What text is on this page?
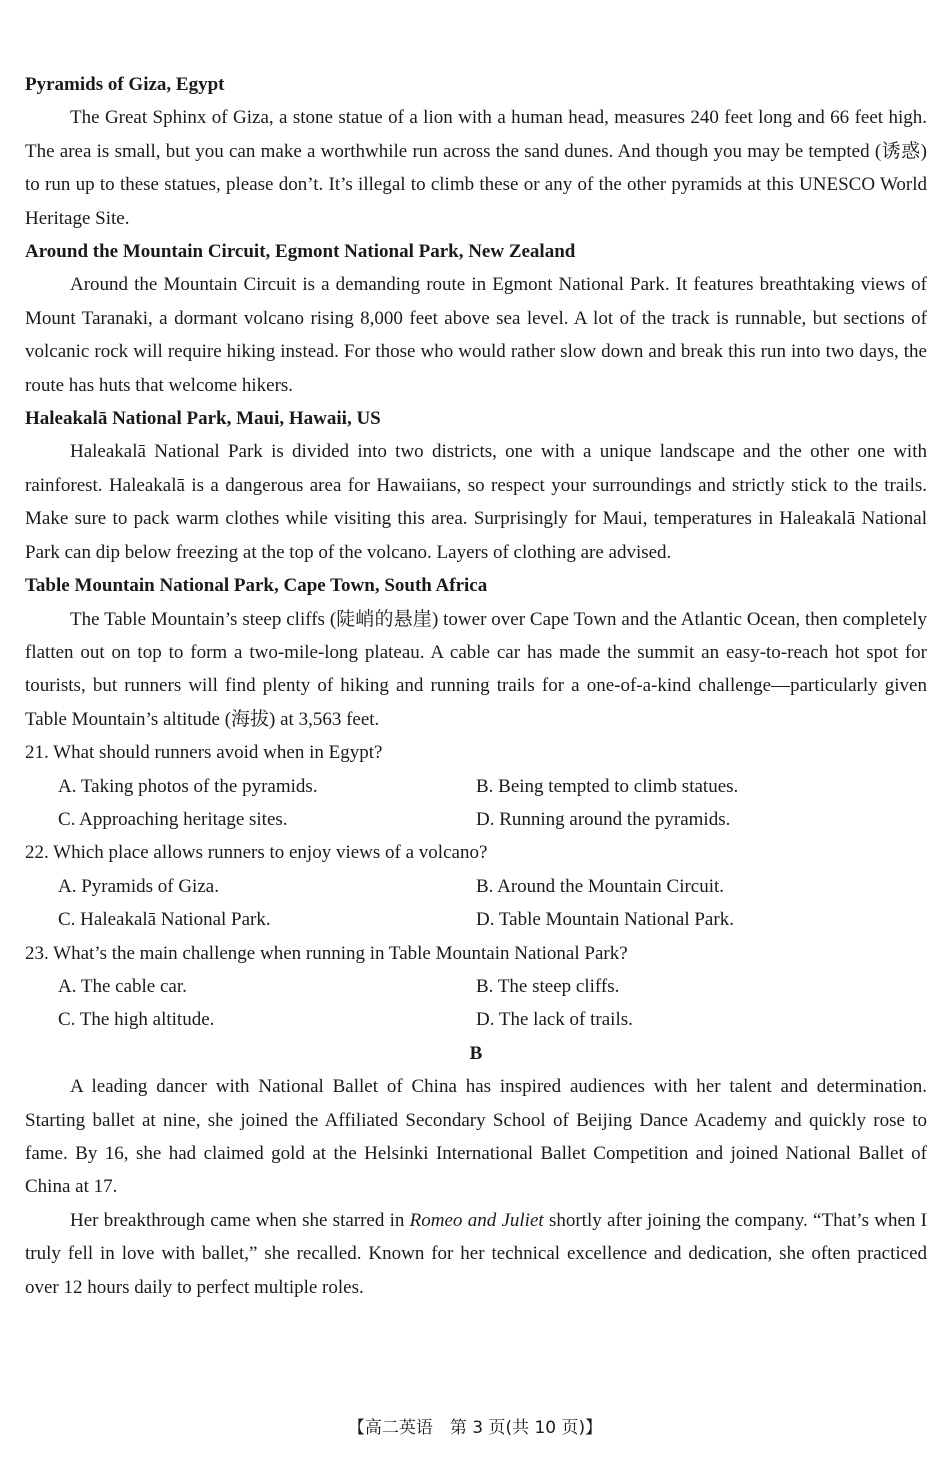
Pyramids of Giza, Egypt

The Great Sphinx of Giza, a stone statue of a lion with a human head, measures 240 feet long and 66 feet high. The area is small, but you can make a worthwhile run across the sand dunes. And though you may be tempted (诱惑) to run up to these statues, please don’t. It’s illegal to climb these or any of the other pyramids at this UNESCO World Heritage Site.

Around the Mountain Circuit, Egmont National Park, New Zealand

Around the Mountain Circuit is a demanding route in Egmont National Park. It features breathtaking views of Mount Taranaki, a dormant volcano rising 8,000 feet above sea level. A lot of the track is runnable, but sections of volcanic rock will require hiking instead. For those who would rather slow down and break this run into two days, the route has huts that welcome hikers.

Haleakalā National Park, Maui, Hawaii, US

Haleakalā National Park is divided into two districts, one with a unique landscape and the other one with rainforest. Haleakalā is a dangerous area for Hawaiians, so respect your surroundings and strictly stick to the trails. Make sure to pack warm clothes while visiting this area. Surprisingly for Maui, temperatures in Haleakalā National Park can dip below freezing at the top of the volcano. Layers of clothing are advised.

Table Mountain National Park, Cape Town, South Africa

The Table Mountain’s steep cliffs (陡峭的悬崖) tower over Cape Town and the Atlantic Ocean, then completely flatten out on top to form a two-mile-long plateau. A cable car has made the summit an easy-to-reach hot spot for tourists, but runners will find plenty of hiking and running trails for a one-of-a-kind challenge—particularly given Table Mountain’s altitude (海拔) at 3,563 feet.

21. What should runners avoid when in Egypt?

A. Taking photos of the pyramids.	B. Being tempted to climb statues.
C. Approaching heritage sites.	D. Running around the pyramids.

22. Which place allows runners to enjoy views of a volcano?

A. Pyramids of Giza.	B. Around the Mountain Circuit.
C. Haleakalā National Park.	D. Table Mountain National Park.

23. What’s the main challenge when running in Table Mountain National Park?

A. The cable car.	B. The steep cliffs.
C. The high altitude.	D. The lack of trails.
B

A leading dancer with National Ballet of China has inspired audiences with her talent and determination. Starting ballet at nine, she joined the Affiliated Secondary School of Beijing Dance Academy and quickly rose to fame. By 16, she had claimed gold at the Helsinki International Ballet Competition and joined National Ballet of China at 17.

Her breakthrough came when she starred in Romeo and Juliet shortly after joining the company. “That’s when I truly fell in love with ballet,” she recalled. Known for her technical excellence and dedication, she often practiced over 12 hours daily to perfect multiple roles.

【高二英语　第 3 页(共 10 页)】
